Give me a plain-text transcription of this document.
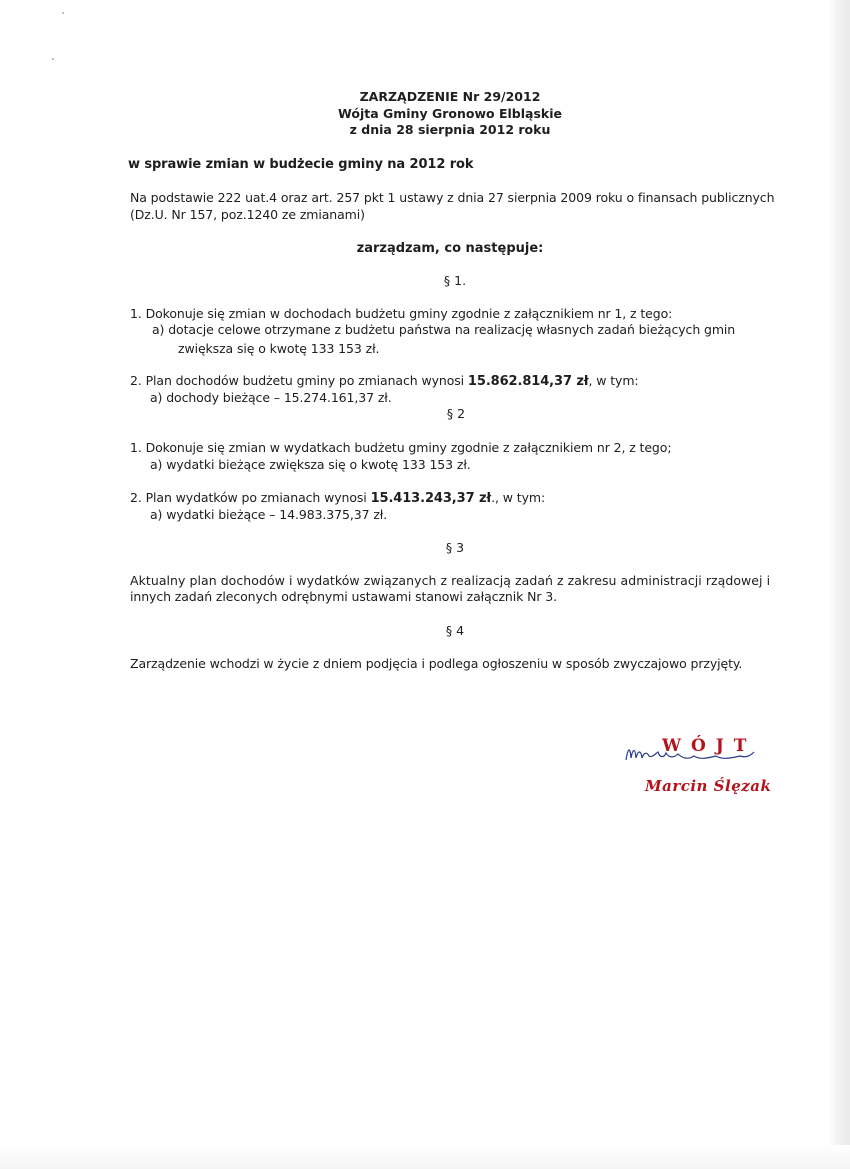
ZARZĄDZENIE Nr 29/2012
Wójta Gminy Gronowo Elbląskie
z dnia 28 sierpnia 2012 roku
w sprawie zmian w budżecie gminy na 2012 rok
Na podstawie 222 uat.4 oraz art. 257 pkt 1 ustawy z dnia 27 sierpnia 2009 roku o finansach publicznych
(Dz.U. Nr 157, poz.1240 ze zmianami)
zarządzam, co następuje:
§ 1.
1. Dokonuje się zmian w dochodach budżetu gminy zgodnie z załącznikiem nr 1, z tego:
a) dotacje celowe otrzymane z budżetu państwa na realizację własnych zadań bieżących gmin
zwiększa się o kwotę 133 153 zł.
2. Plan dochodów budżetu gminy po zmianach wynosi 15.862.814,37 zł, w tym:
a) dochody bieżące – 15.274.161,37 zł.
§ 2
1. Dokonuje się zmian w wydatkach budżetu gminy zgodnie z załącznikiem nr 2, z tego;
a) wydatki bieżące zwiększa się o kwotę 133 153 zł.
2. Plan wydatków po zmianach wynosi 15.413.243,37 zł., w tym:
a) wydatki bieżące – 14.983.375,37 zł.
§ 3
Aktualny plan dochodów i wydatków związanych z realizacją zadań z zakresu administracji rządowej i
innych zadań zleconych odrębnymi ustawami stanowi załącznik Nr 3.
§ 4
Zarządzenie wchodzi w życie z dniem podjęcia i podlega ogłoszeniu w sposób zwyczajowo przyjęty.
W Ó J T
Marcin Ślęzak
